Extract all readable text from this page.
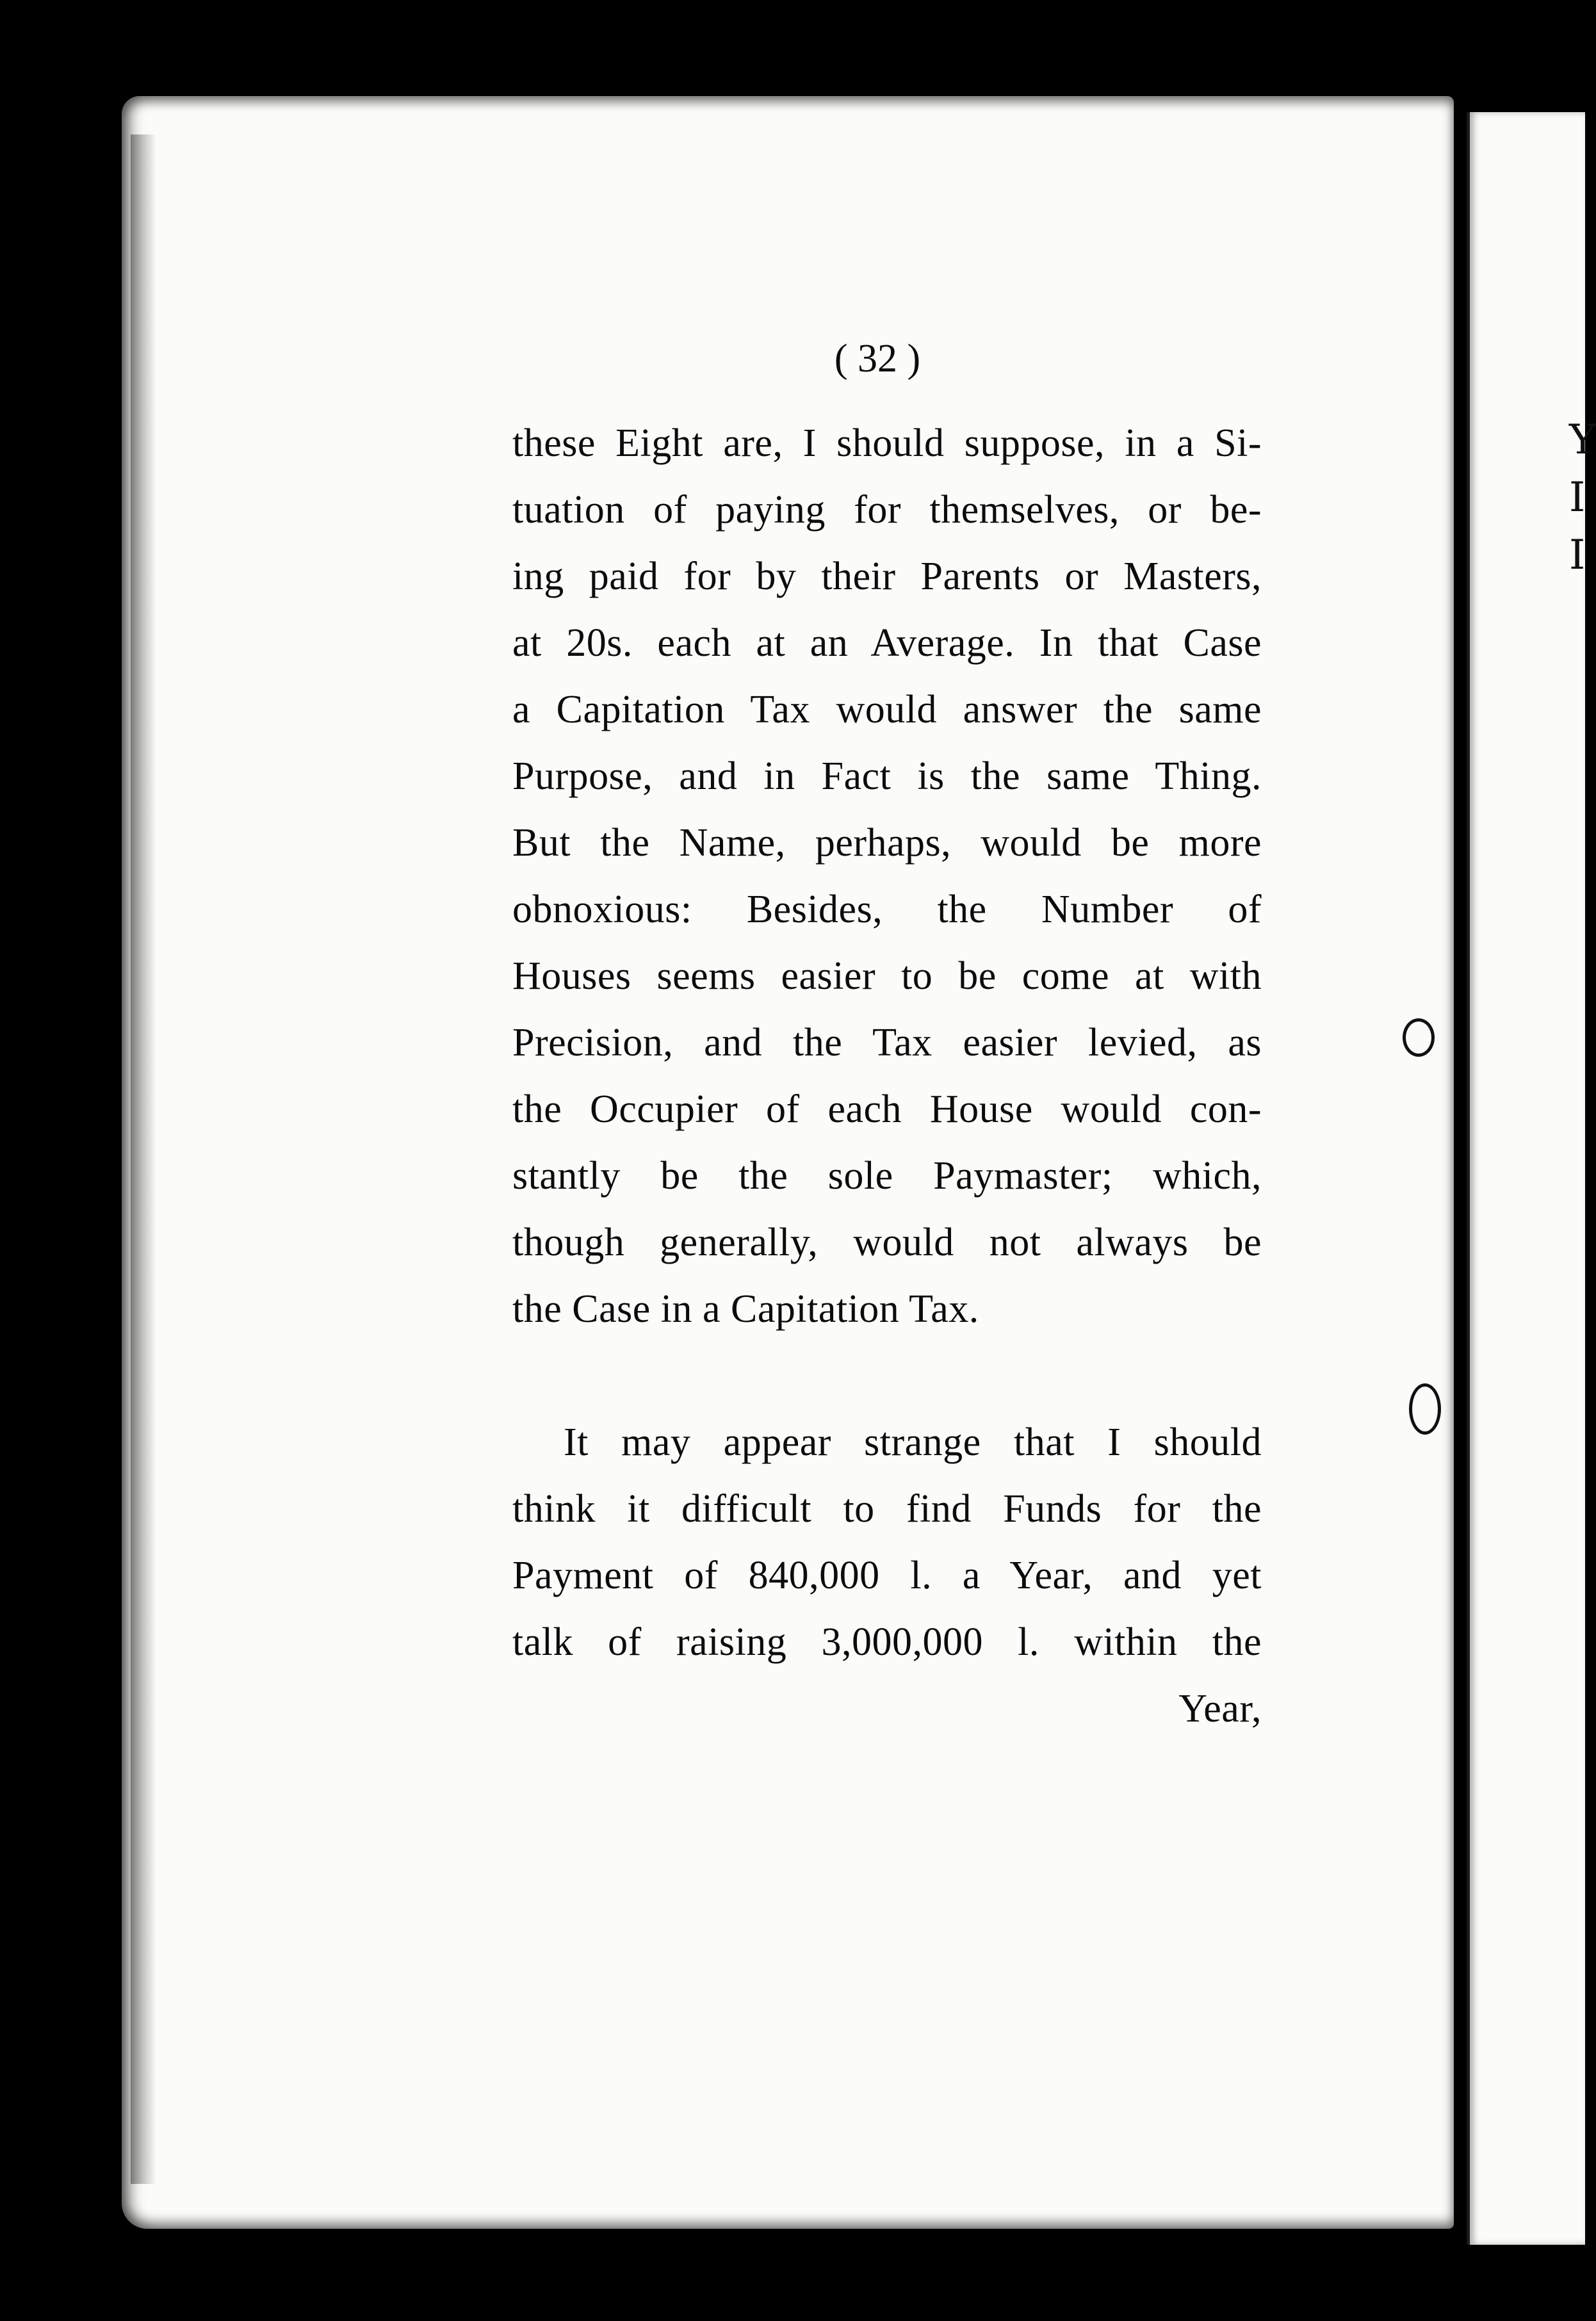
Y
I
I
( 32 )
these Eight are, I should suppose, in a Si-
tuation of paying for themselves, or be-
ing paid for by their Parents or Masters,
at 20s. each at an Average. In that Case
a Capitation Tax would answer the same
Purpose, and in Fact is the same Thing.
But the Name, perhaps, would be more
obnoxious: Besides, the Number of
Houses seems easier to be come at with
Precision, and the Tax easier levied, as
the Occupier of each House would con-
stantly be the sole Paymaster; which,
though generally, would not always be
the Case in a Capitation Tax.
It may appear strange that I should
think it difficult to find Funds for the
Payment of 840,000 l. a Year, and yet
talk of raising 3,000,000 l. within the
Year,
